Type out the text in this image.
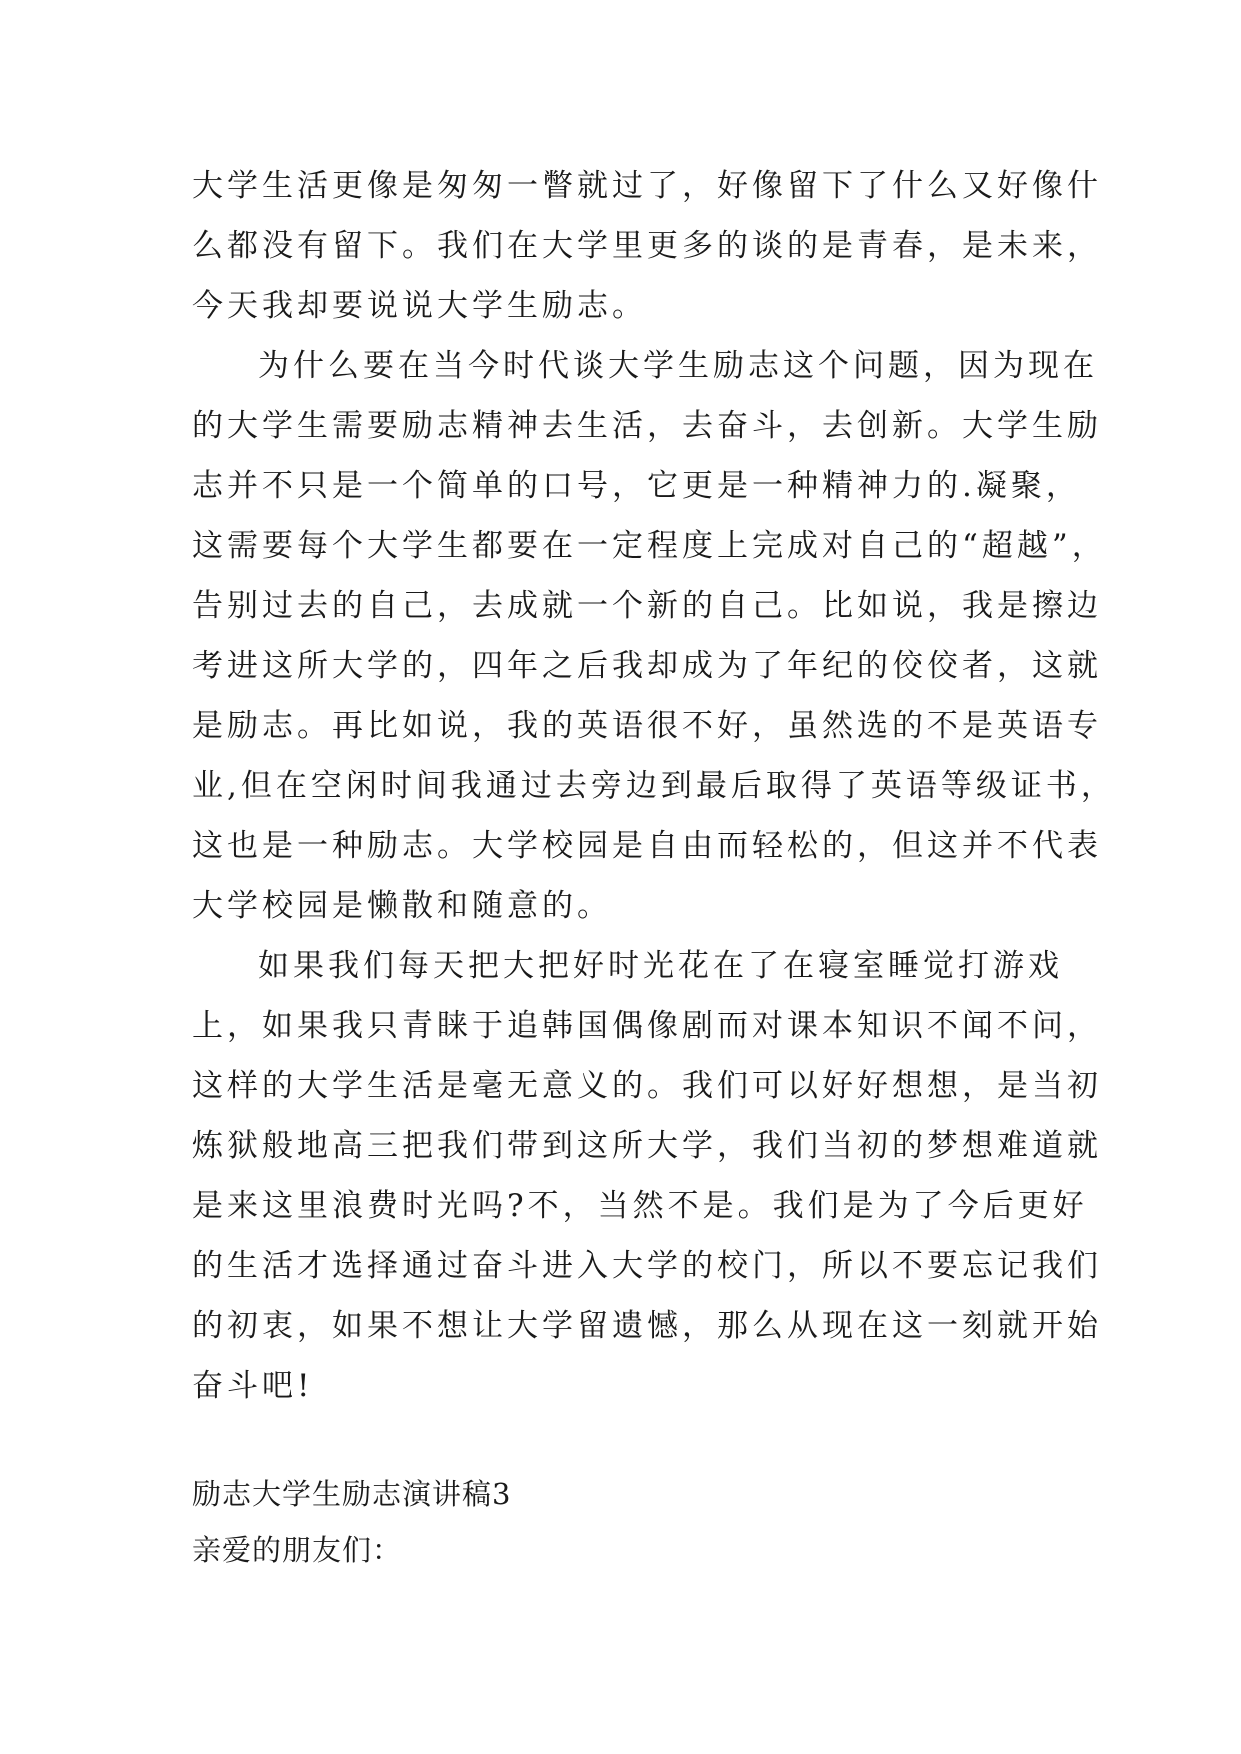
大学生活更像是匆匆一瞥就过了，好像留下了什么又好像什
么都没有留下。我们在大学里更多的谈的是青春，是未来，
今天我却要说说大学生励志。
为什么要在当今时代谈大学生励志这个问题，因为现在
的大学生需要励志精神去生活，去奋斗，去创新。大学生励
志并不只是一个简单的口号，它更是一种精神力的.凝聚，
这需要每个大学生都要在一定程度上完成对自己的“超越”，
告别过去的自己，去成就一个新的自己。比如说，我是擦边
考进这所大学的，四年之后我却成为了年纪的佼佼者，这就
是励志。再比如说，我的英语很不好，虽然选的不是英语专
业,但在空闲时间我通过去旁边到最后取得了英语等级证书，
这也是一种励志。大学校园是自由而轻松的，但这并不代表
大学校园是懒散和随意的。
如果我们每天把大把好时光花在了在寝室睡觉打游戏
上，如果我只青睐于追韩国偶像剧而对课本知识不闻不问，
这样的大学生活是毫无意义的。我们可以好好想想，是当初
炼狱般地高三把我们带到这所大学，我们当初的梦想难道就
是来这里浪费时光吗?不，当然不是。我们是为了今后更好
的生活才选择通过奋斗进入大学的校门，所以不要忘记我们
的初衷，如果不想让大学留遗憾，那么从现在这一刻就开始
奋斗吧!
励志大学生励志演讲稿3
亲爱的朋友们：
